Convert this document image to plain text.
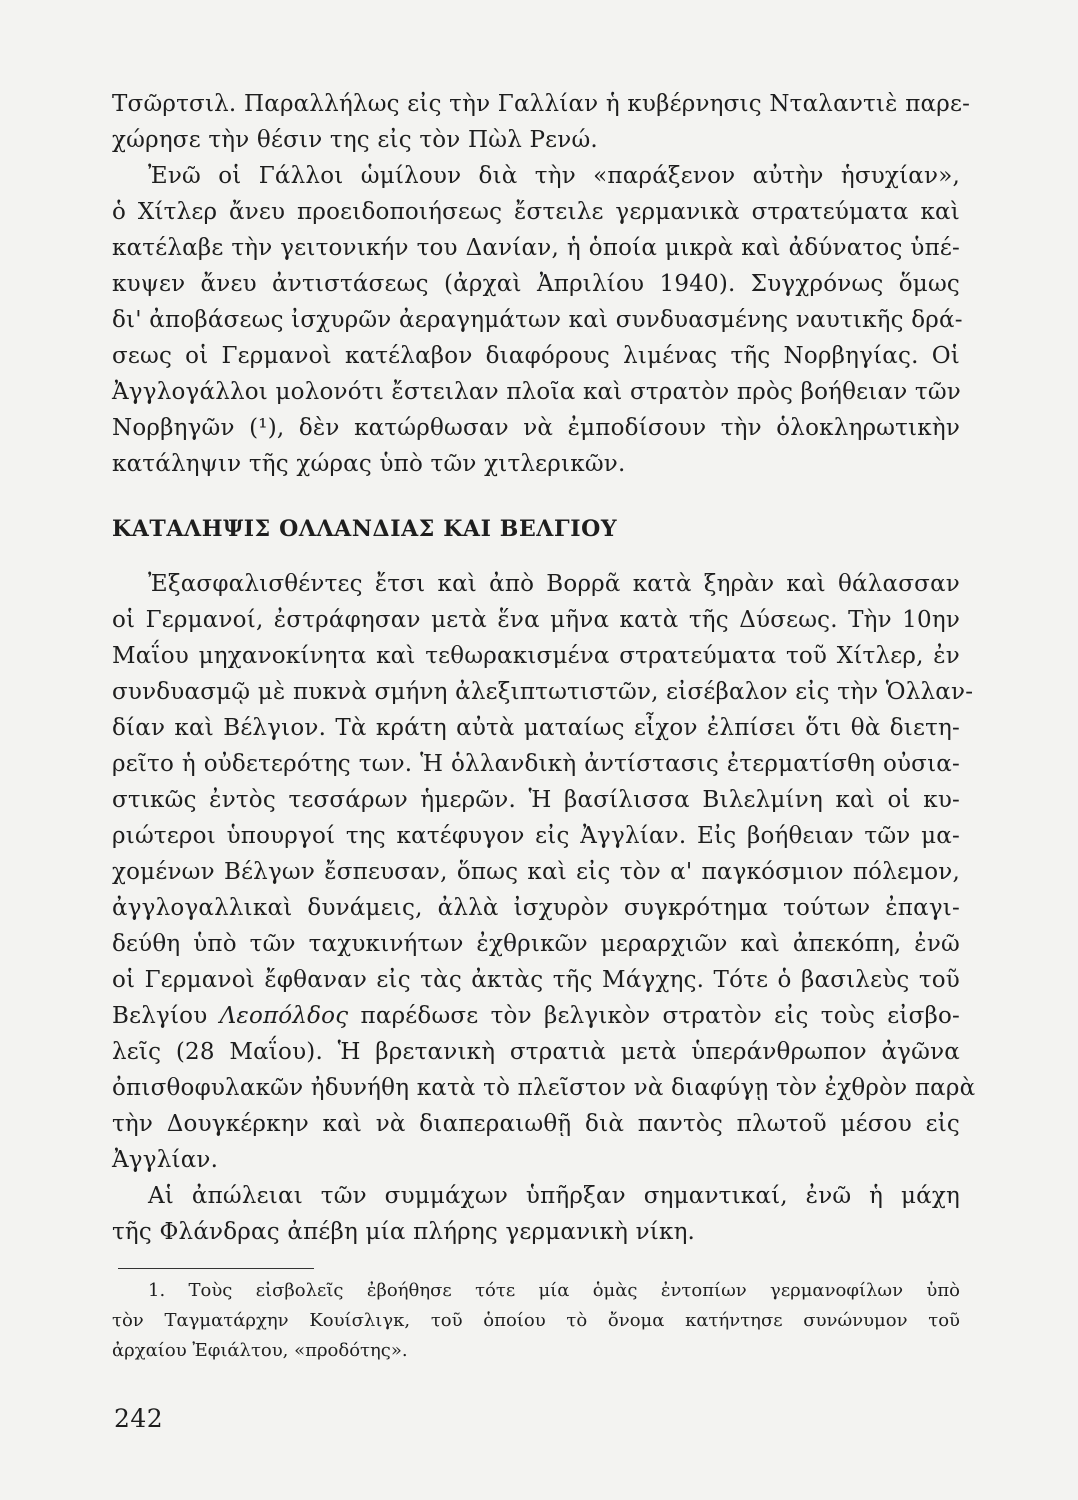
Τσῶρτσιλ. Παραλλήλως εἰς τὴν Γαλλίαν ἡ κυβέρνησις Νταλαντιὲ παρε-
χώρησε τὴν θέσιν της εἰς τὸν Πὼλ Ρενώ.
Ἐνῶ οἱ Γάλλοι ὡμίλουν διὰ τὴν «παράξενον αὐτὴν ἡσυχίαν»,
ὁ Χίτλερ ἄνευ προειδοποιήσεως ἔστειλε γερμανικὰ στρατεύματα καὶ
κατέλαβε τὴν γειτονικήν του Δανίαν, ἡ ὁποία μικρὰ καὶ ἀδύνατος ὑπέ-
κυψεν ἄνευ ἀντιστάσεως (ἀρχαὶ Ἀπριλίου 1940). Συγχρόνως ὅμως
δι' ἀποβάσεως ἰσχυρῶν ἀεραγημάτων καὶ συνδυασμένης ναυτικῆς δρά-
σεως οἱ Γερμανοὶ κατέλαβον διαφόρους λιμένας τῆς Νορβηγίας. Οἱ
Ἀγγλογάλλοι μολονότι ἔστειλαν πλοῖα καὶ στρατὸν πρὸς βοήθειαν τῶν
Νορβηγῶν (¹), δὲν κατώρθωσαν νὰ ἐμποδίσουν τὴν ὁλοκληρωτικὴν
κατάληψιν τῆς χώρας ὑπὸ τῶν χιτλερικῶν.
ΚΑΤΑΛΗΨΙΣ ΟΛΛΑΝΔΙΑΣ ΚΑΙ ΒΕΛΓΙΟΥ
Ἐξασφαλισθέντες ἔτσι καὶ ἀπὸ Βορρᾶ κατὰ ξηρὰν καὶ θάλασσαν
οἱ Γερμανοί, ἐστράφησαν μετὰ ἕνα μῆνα κατὰ τῆς Δύσεως. Τὴν 10ην
Μαΐου μηχανοκίνητα καὶ τεθωρακισμένα στρατεύματα τοῦ Χίτλερ, ἐν
συνδυασμῷ μὲ πυκνὰ σμήνη ἀλεξιπτωτιστῶν, εἰσέβαλον εἰς τὴν Ὁλλαν-
δίαν καὶ Βέλγιον. Τὰ κράτη αὐτὰ ματαίως εἶχον ἐλπίσει ὅτι θὰ διετη-
ρεῖτο ἡ οὐδετερότης των. Ἡ ὁλλανδικὴ ἀντίστασις ἐτερματίσθη οὐσια-
στικῶς ἐντὸς τεσσάρων ἡμερῶν. Ἡ βασίλισσα Βιλελμίνη καὶ οἱ κυ-
ριώτεροι ὑπουργοί της κατέφυγον εἰς Ἀγγλίαν. Εἰς βοήθειαν τῶν μα-
χομένων Βέλγων ἔσπευσαν, ὅπως καὶ εἰς τὸν α' παγκόσμιον πόλεμον,
ἀγγλογαλλικαὶ δυνάμεις, ἀλλὰ ἰσχυρὸν συγκρότημα τούτων ἐπαγι-
δεύθη ὑπὸ τῶν ταχυκινήτων ἐχθρικῶν μεραρχιῶν καὶ ἀπεκόπη, ἐνῶ
οἱ Γερμανοὶ ἔφθαναν εἰς τὰς ἀκτὰς τῆς Μάγχης. Τότε ὁ βασιλεὺς τοῦ
Βελγίου Λεοπόλδος παρέδωσε τὸν βελγικὸν στρατὸν εἰς τοὺς εἰσβο-
λεῖς (28 Μαΐου). Ἡ βρετανικὴ στρατιὰ μετὰ ὑπεράνθρωπον ἀγῶνα
ὀπισθοφυλακῶν ἠδυνήθη κατὰ τὸ πλεῖστον νὰ διαφύγῃ τὸν ἐχθρὸν παρὰ
τὴν Δουγκέρκην καὶ νὰ διαπεραιωθῇ διὰ παντὸς πλωτοῦ μέσου εἰς
Ἀγγλίαν.
Αἱ ἀπώλειαι τῶν συμμάχων ὑπῆρξαν σημαντικαί, ἐνῶ ἡ μάχη
τῆς Φλάνδρας ἀπέβη μία πλήρης γερμανικὴ νίκη.
1. Τοὺς εἰσβολεῖς ἐβοήθησε τότε μία ὁμὰς ἐντοπίων γερμανοφίλων ὑπὸ
τὸν Ταγματάρχην Κουίσλιγκ, τοῦ ὁποίου τὸ ὄνομα κατήντησε συνώνυμον τοῦ
ἀρχαίου Ἐφιάλτου, «προδότης».
242
